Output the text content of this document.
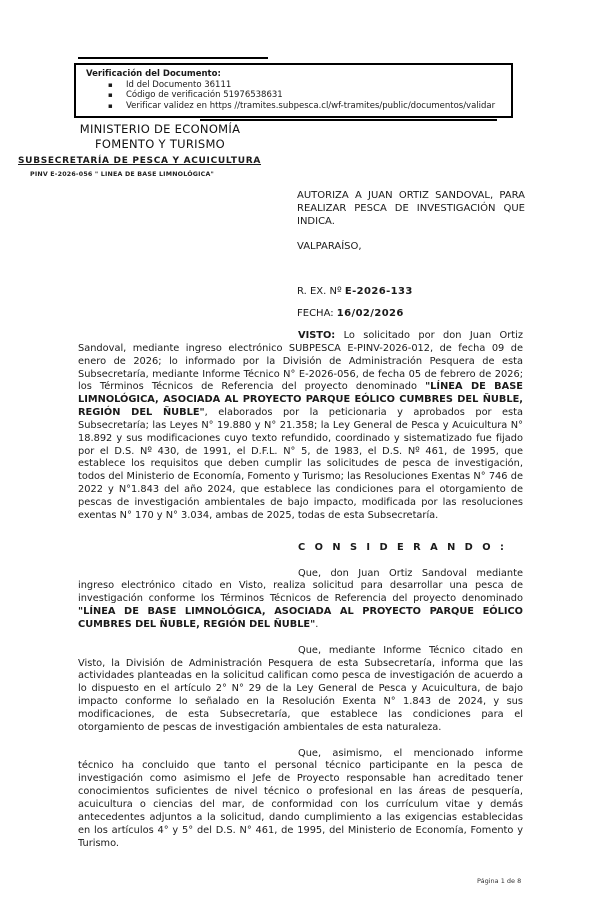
Verificación del Documento:
▪	Id del Documento 36111
▪	Código de verificación 51976538631
▪	Verificar validez en https //tramites.subpesca.cl/wf-tramites/public/documentos/validar
MINISTERIO DE ECONOMÍA
FOMENTO Y TURISMO
SUBSECRETARÍA DE PESCA Y ACUICULTURA
PINV E-2026-056 " LINEA DE BASE LIMNOLÓGICA"
AUTORIZA A JUAN ORTIZ SANDOVAL, PARA REALIZAR PESCA DE INVESTIGACIÓN QUE INDICA.
VALPARAÍSO,
R. EX. Nº E-2026-133
FECHA: 16/02/2026

VISTO: Lo solicitado por don Juan Ortiz Sandoval, mediante ingreso electrónico SUBPESCA E-PINV-2026-012, de fecha 09 de enero de 2026; lo informado por la División de Administración Pesquera de esta Subsecretaría, mediante Informe Técnico N° E-2026-056, de fecha 05 de febrero de 2026; los Términos Técnicos de Referencia del proyecto denominado "LÍNEA DE BASE LIMNOLÓGICA, ASOCIADA AL PROYECTO PARQUE EÓLICO CUMBRES DEL ÑUBLE, REGIÓN DEL ÑUBLE", elaborados por la peticionaria y aprobados por esta Subsecretaría; las Leyes N° 19.880 y N° 21.358; la Ley General de Pesca y Acuicultura N° 18.892 y sus modificaciones cuyo texto refundido, coordinado y sistematizado fue fijado por el D.S. Nº 430, de 1991, el D.F.L. N° 5, de 1983, el D.S. Nº 461, de 1995, que establece los requisitos que deben cumplir las solicitudes de pesca de investigación, todos del Ministerio de Economía, Fomento y Turismo; las Resoluciones Exentas N° 746 de 2022 y N°1.843 del año 2024, que establece las condiciones para el otorgamiento de pescas de investigación ambientales de bajo impacto, modificada por las resoluciones exentas N° 170 y N° 3.034, ambas de 2025, todas de esta Subsecretaría.

C O N S I D E R A N D O :

Que, don Juan Ortiz Sandoval mediante ingreso electrónico citado en Visto, realiza solicitud para desarrollar una pesca de investigación conforme los Términos Técnicos de Referencia del proyecto denominado "LÍNEA DE BASE LIMNOLÓGICA, ASOCIADA AL PROYECTO PARQUE EÓLICO CUMBRES DEL ÑUBLE, REGIÓN DEL ÑUBLE".

Que, mediante Informe Técnico citado en Visto, la División de Administración Pesquera de esta Subsecretaría, informa que las actividades planteadas en la solicitud califican como pesca de investigación de acuerdo a lo dispuesto en el artículo 2° N° 29 de la Ley General de Pesca y Acuicultura, de bajo impacto conforme lo señalado en la Resolución Exenta N° 1.843 de 2024, y sus modificaciones, de esta Subsecretaría, que establece las condiciones para el otorgamiento de pescas de investigación ambientales de esta naturaleza.

Que, asimismo, el mencionado informe técnico ha concluido que tanto el personal técnico participante en la pesca de investigación como asimismo el Jefe de Proyecto responsable han acreditado tener conocimientos suficientes de nivel técnico o profesional en las áreas de pesquería, acuicultura o ciencias del mar, de conformidad con los currículum vitae y demás antecedentes adjuntos a la solicitud, dando cumplimiento a las exigencias establecidas en los artículos 4° y 5° del D.S. N° 461, de 1995, del Ministerio de Economía, Fomento y Turismo.

Página 1 de 8
